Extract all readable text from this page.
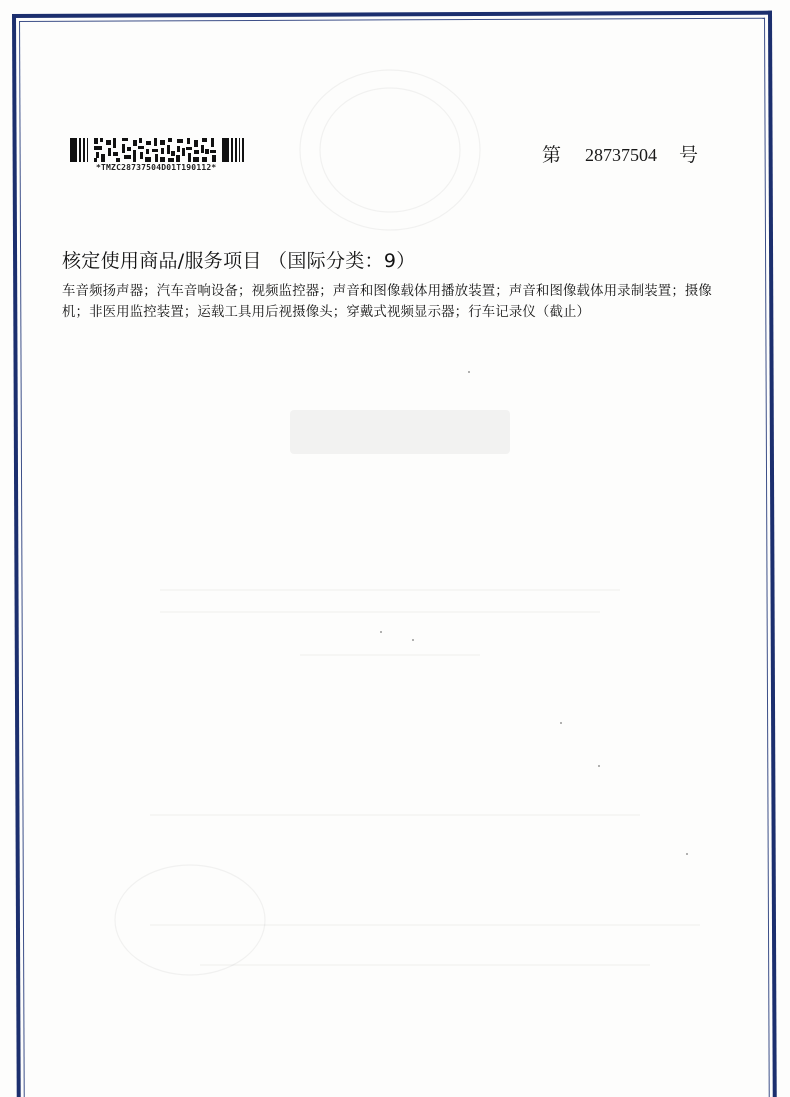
*TMZC28737504D01T190112*
第 28737504 号
核定使用商品/服务项目 （国际分类：9）
车音频扬声器；汽车音响设备；视频监控器；声音和图像载体用播放装置；声音和图像载体用录制装置；摄像机；非医用监控装置；运载工具用后视摄像头；穿戴式视频显示器；行车记录仪（截止）
